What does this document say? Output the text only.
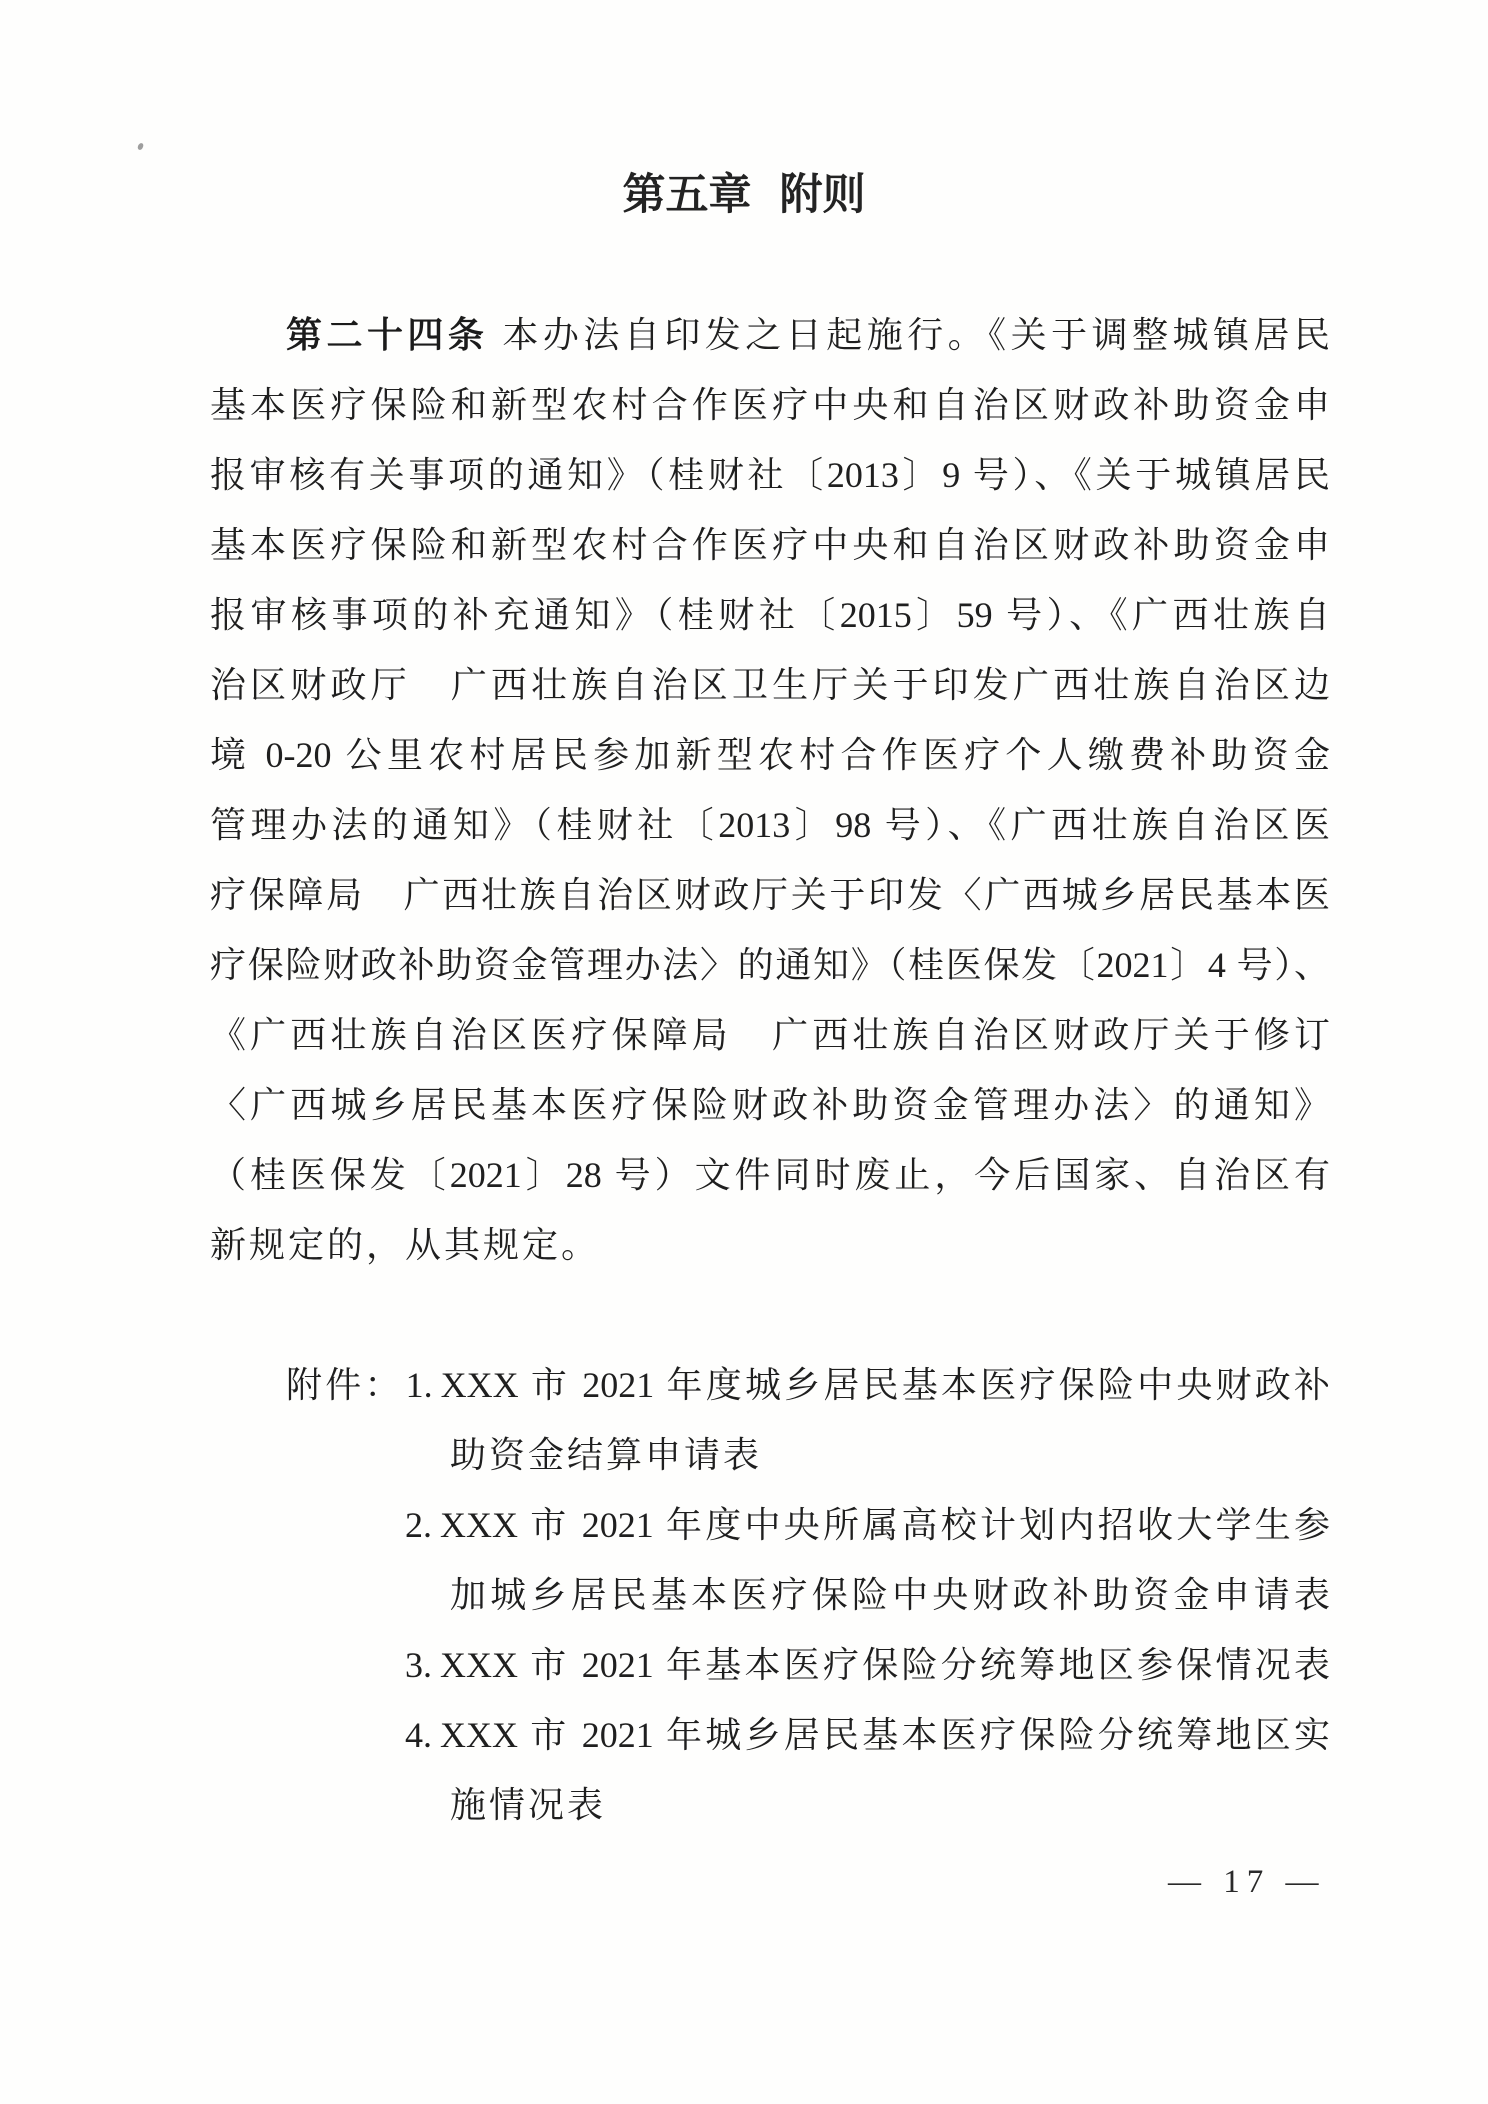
第五章 附则
第二十四条 本办法自印发之日起施行。《关于调整城镇居民
基本医疗保险和新型农村合作医疗中央和自治区财政补助资金申
报审核有关事项的通知》（桂财社〔2013〕9 号）、《关于城镇居民
基本医疗保险和新型农村合作医疗中央和自治区财政补助资金申
报审核事项的补充通知》（桂财社〔2015〕59 号）、《广西壮族自
治区财政厅　广西壮族自治区卫生厅关于印发广西壮族自治区边
境 0-20 公里农村居民参加新型农村合作医疗个人缴费补助资金
管理办法的通知》（桂财社〔2013〕98 号）、《广西壮族自治区医
疗保障局　广西壮族自治区财政厅关于印发〈广西城乡居民基本医
疗保险财政补助资金管理办法〉的通知》（桂医保发〔2021〕4 号）、
《广西壮族自治区医疗保障局　广西壮族自治区财政厅关于修订
〈广西城乡居民基本医疗保险财政补助资金管理办法〉的通知》
（桂医保发〔2021〕28 号）文件同时废止，今后国家、自治区有
新规定的，从其规定。
附件：1. XXX 市 2021 年度城乡居民基本医疗保险中央财政补
助资金结算申请表
2. XXX 市 2021 年度中央所属高校计划内招收大学生参
加城乡居民基本医疗保险中央财政补助资金申请表
3. XXX 市 2021 年基本医疗保险分统筹地区参保情况表
4. XXX 市 2021 年城乡居民基本医疗保险分统筹地区实
施情况表
— 17 —
